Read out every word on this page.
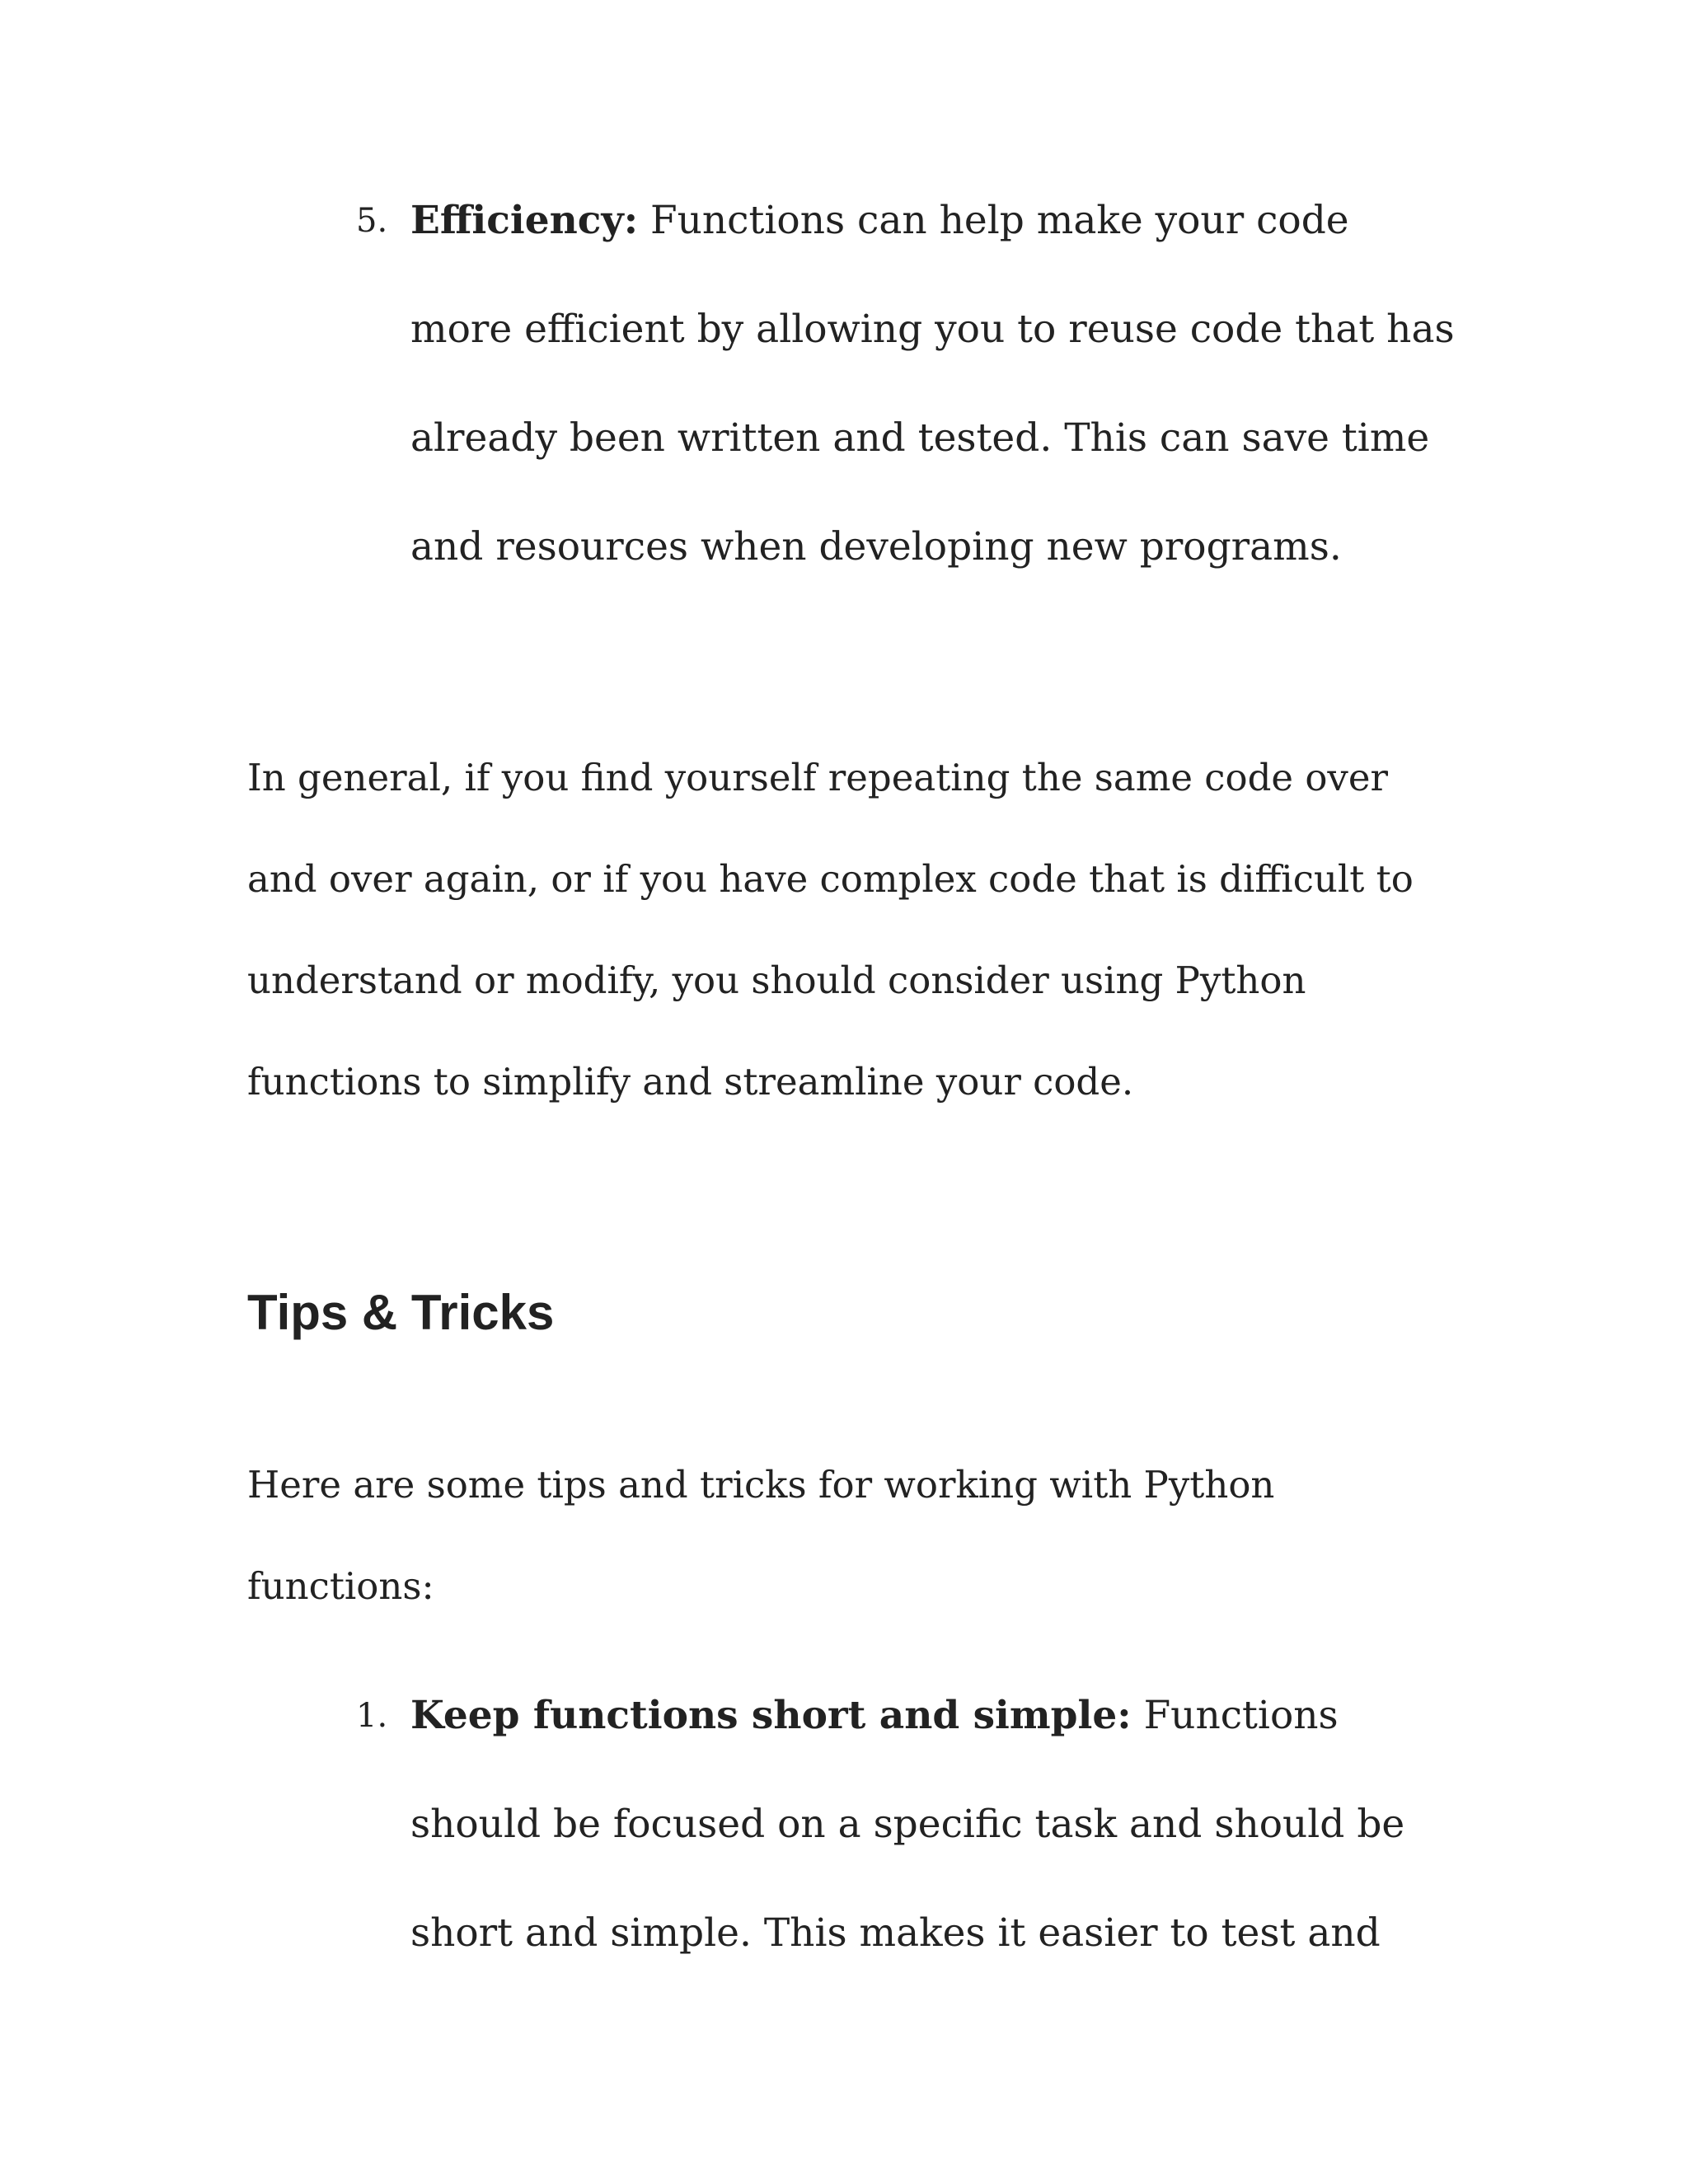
5. Efficiency: Functions can help make your code more efficient by allowing you to reuse code that has already been written and tested. This can save time and resources when developing new programs.

In general, if you find yourself repeating the same code over and over again, or if you have complex code that is difficult to understand or modify, you should consider using Python functions to simplify and streamline your code.

Tips & Tricks

Here are some tips and tricks for working with Python functions:

1. Keep functions short and simple: Functions should be focused on a specific task and should be short and simple. This makes it easier to test and
